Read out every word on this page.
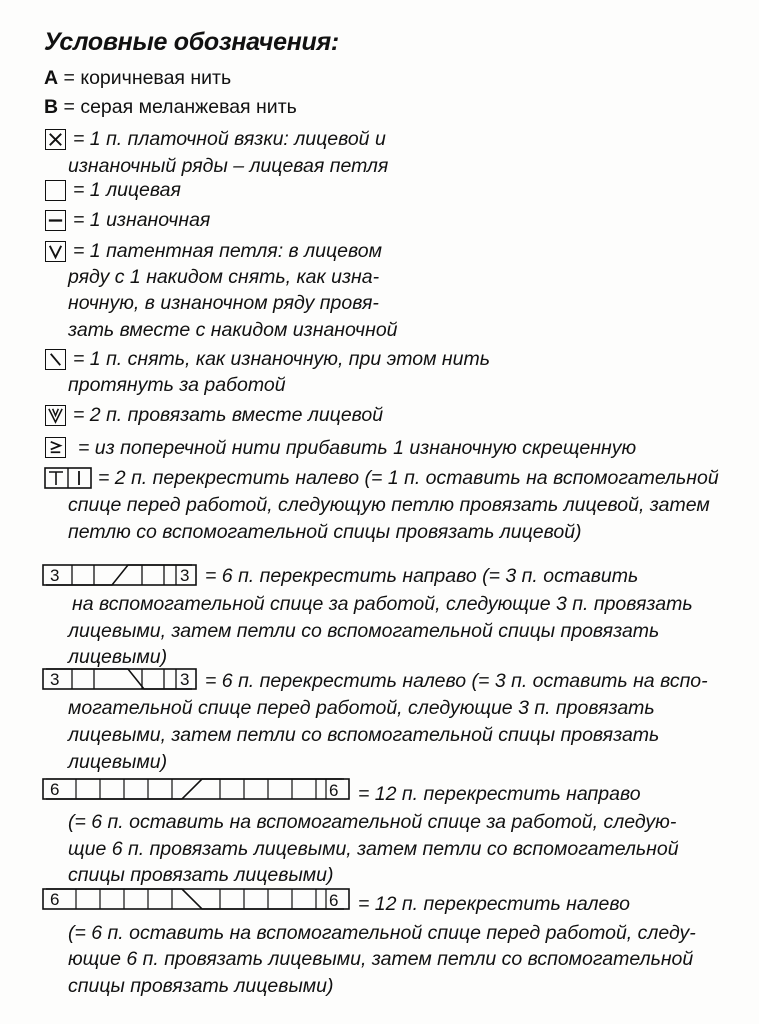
Условные обозначения:
A = коричневая нить
B = серая меланжевая нить
= 1 п. платочной вязки: лицевой и
изнаночный ряды – лицевая петля
= 1 лицевая
= 1 изнаночная
= 1 патентная петля: в лицевом
ряду с 1 накидом снять, как изна-
ночную, в изнаночном ряду провя-
зать вместе с накидом изнаночной
= 1 п. снять, как изнаночную, при этом нить
протянуть за работой
= 2 п. провязать вместе лицевой
= из поперечной нити прибавить 1 изнаночную скрещенную
= 2 п. перекрестить налево (= 1 п. оставить на вспомогательной
спице перед работой, следующую петлю провязать лицевой, затем
петлю со вспомогательной спицы провязать лицевой)
3	3 = 6 п. перекрестить направо (= 3 п. оставить
на вспомогательной спице за работой, следующие 3 п. провязать
лицевыми, затем петли со вспомогательной спицы провязать
лицевыми)
3	3 = 6 п. перекрестить налево (= 3 п. оставить на вспо-
могательной спице перед работой, следующие 3 п. провязать
лицевыми, затем петли со вспомогательной спицы провязать
лицевыми)
6	6 = 12 п. перекрестить направо
(= 6 п. оставить на вспомогательной спице за работой, следую-
щие 6 п. провязать лицевыми, затем петли со вспомогательной
спицы провязать лицевыми)
6	6 = 12 п. перекрестить налево
(= 6 п. оставить на вспомогательной спице перед работой, следу-
ющие 6 п. провязать лицевыми, затем петли со вспомогательной
спицы провязать лицевыми)
